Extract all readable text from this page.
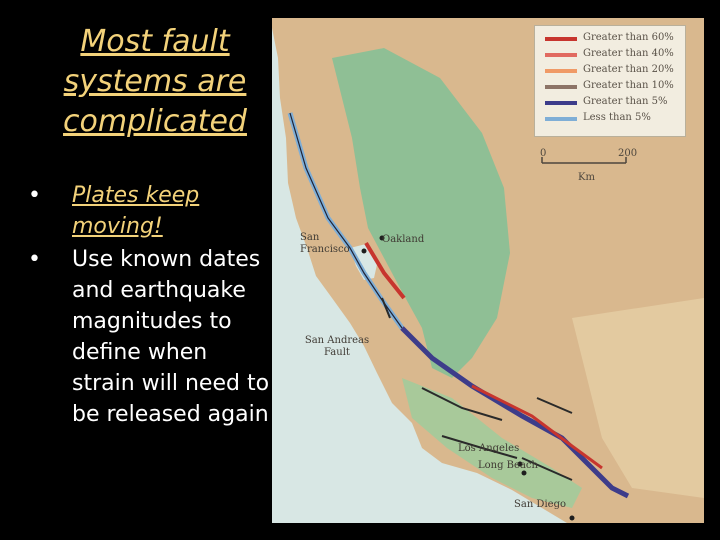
Most fault systems are complicated
• Plates keep moving!
• Use known dates and earthquake magnitudes to define when strain will need to be released again
Greater than 60%
Greater than 40%
Greater than 20%
Greater than 10%
Greater than 5%
Less than 5%
0	200
Km
San Francisco
Oakland
San Andreas Fault
Los Angeles
Long Beach
San Diego
